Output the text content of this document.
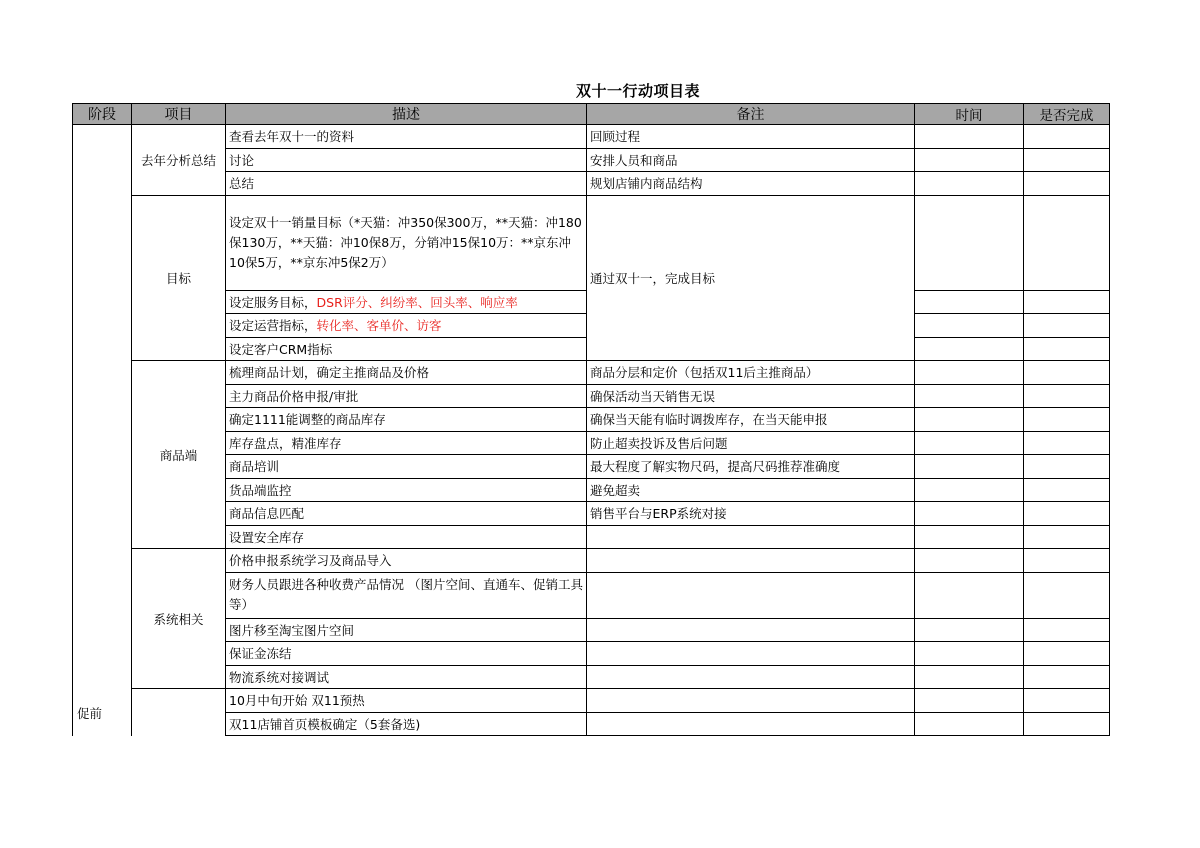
双十一行动项目表
阶段	项目	描述	备注	时间	是否完成
促前	去年分析总结	查看去年双十一的资料	回顾过程		
		讨论	安排人员和商品		
		总结	规划店铺内商品结构		
	目标	设定双十一销量目标（*天猫：冲350保300万，**天猫：冲180保130万，**天猫：冲10保8万，分销冲15保10万：**京东冲10保5万，**京东冲5保2万）	通过双十一，完成目标		
		设定服务目标，DSR评分、纠纷率、回头率、响应率			
		设定运营指标，转化率、客单价、访客			
		设定客户CRM指标			
	商品端	梳理商品计划，确定主推商品及价格	商品分层和定价（包括双11后主推商品）		
		主力商品价格申报/审批	确保活动当天销售无误		
		确定1111能调整的商品库存	确保当天能有临时调拨库存，在当天能申报		
		库存盘点，精准库存	防止超卖投诉及售后问题		
		商品培训	最大程度了解实物尺码，提高尺码推荐准确度		
		货品端监控	避免超卖		
		商品信息匹配	销售平台与ERP系统对接		
		设置安全库存			
	系统相关	价格申报系统学习及商品导入			
		财务人员跟进各种收费产品情况 （图片空间、直通车、促销工具等）			
		图片移至淘宝图片空间			
		保证金冻结			
		物流系统对接调试			
		10月中旬开始 双11预热			
		双11店铺首页模板确定（5套备选)			
